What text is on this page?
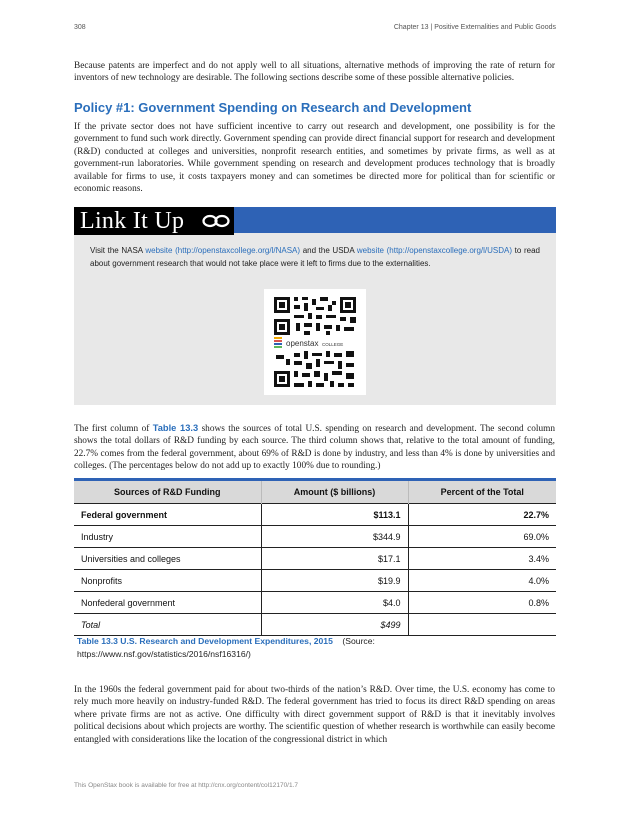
308	Chapter 13 | Positive Externalities and Public Goods

Because patents are imperfect and do not apply well to all situations, alternative methods of improving the rate of return for inventors of new technology are desirable. The following sections describe some of these possible alternative policies.

Policy #1: Government Spending on Research and Development

If the private sector does not have sufficient incentive to carry out research and development, one possibility is for the government to fund such work directly. Government spending can provide direct financial support for research and development (R&D) conducted at colleges and universities, nonprofit research entities, and sometimes by private firms, as well as at government-run laboratories. While government spending on research and development produces technology that is broadly available for firms to use, it costs taxpayers money and can sometimes be directed more for political than for scientific or economic reasons.

Link It Up

Visit the NASA website (http://openstaxcollege.org/l/NASA) and the USDA website (http://openstaxcollege.org/l/USDA) to read about government research that would not take place were it left to firms due to the externalities.

openstax COLLEGE

The first column of Table 13.3 shows the sources of total U.S. spending on research and development. The second column shows the total dollars of R&D funding by each source. The third column shows that, relative to the total amount of funding, 22.7% comes from the federal government, about 69% of R&D is done by industry, and less than 4% is done by universities and colleges. (The percentages below do not add up to exactly 100% due to rounding.)

Sources of R&D Funding	Amount ($ billions)	Percent of the Total
Federal government	$113.1	22.7%
Industry	$344.9	69.0%
Universities and colleges	$17.1	3.4%
Nonprofits	$19.9	4.0%
Nonfederal government	$4.0	0.8%
Total	$499	

Table 13.3 U.S. Research and Development Expenditures, 2015 (Source: https://www.nsf.gov/statistics/2016/nsf16316/)

In the 1960s the federal government paid for about two-thirds of the nation’s R&D. Over time, the U.S. economy has come to rely much more heavily on industry-funded R&D. The federal government has tried to focus its direct R&D spending on areas where private firms are not as active. One difficulty with direct government support of R&D is that it inevitably involves political decisions about which projects are worthy. The scientific question of whether research is worthwhile can easily become entangled with considerations like the location of the congressional district in which

This OpenStax book is available for free at http://cnx.org/content/col12170/1.7
